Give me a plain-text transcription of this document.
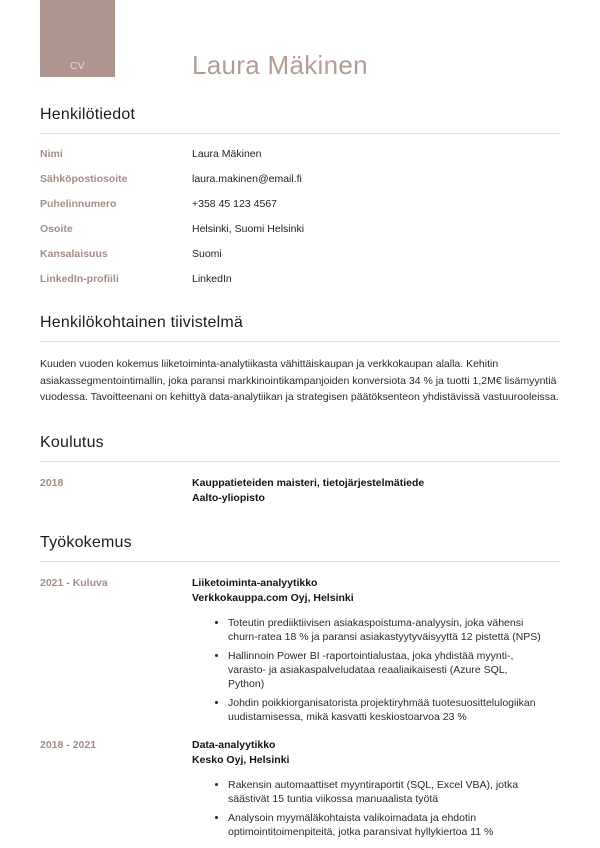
CV	Laura Mäkinen
Henkilötiedot
Nimi	Laura Mäkinen
Sähköpostiosoite	laura.makinen@email.fi
Puhelinnumero	+358 45 123 4567
Osoite	Helsinki, Suomi Helsinki
Kansalaisuus	Suomi
LinkedIn-profiili	LinkedIn
Henkilökohtainen tiivistelmä

Kuuden vuoden kokemus liiketoiminta-analytiikasta vähittäiskaupan ja verkkokaupan alalla. Kehitin asiakassegmentointimallin, joka paransi markkinointikampanjoiden konversiota 34 % ja tuotti 1,2M€ lisämyyntiä vuodessa. Tavoitteenani on kehittyä data-analytiikan ja strategisen päätöksenteon yhdistävissä vastuurooleissa.

Koulutus
2018	Kauppatieteiden maisteri, tietojärjestelmätiede
Aalto-yliopisto
Työkokemus
2021 - Kuluva	Liiketoiminta-analyytikko
Verkkokauppa.com Oyj, Helsinki
• Toteutin prediiktiivisen asiakaspoistuma-analyysin, joka vähensi churn-ratea 18 % ja paransi asiakastyytyväisyyttä 12 pistettä (NPS)
• Hallinnoin Power BI -raportointialustaa, joka yhdistää myynti-, varasto- ja asiakaspalveludataa reaaliaikaisesti (Azure SQL, Python)
• Johdin poikkiorganisatorista projektiryhmää tuotesuosittelulogiikan uudistamisessa, mikä kasvatti keskiostoarvoa 23 %
2018 - 2021	Data-analyytikko
Kesko Oyj, Helsinki
• Rakensin automaattiset myyntiraportit (SQL, Excel VBA), jotka säästivät 15 tuntia viikossa manuaalista työtä
• Analysoin myymäläkohtaista valikoimadata ja ehdotin optimointitoimenpiteitä, jotka paransivat hyllykiertoa 11 %
